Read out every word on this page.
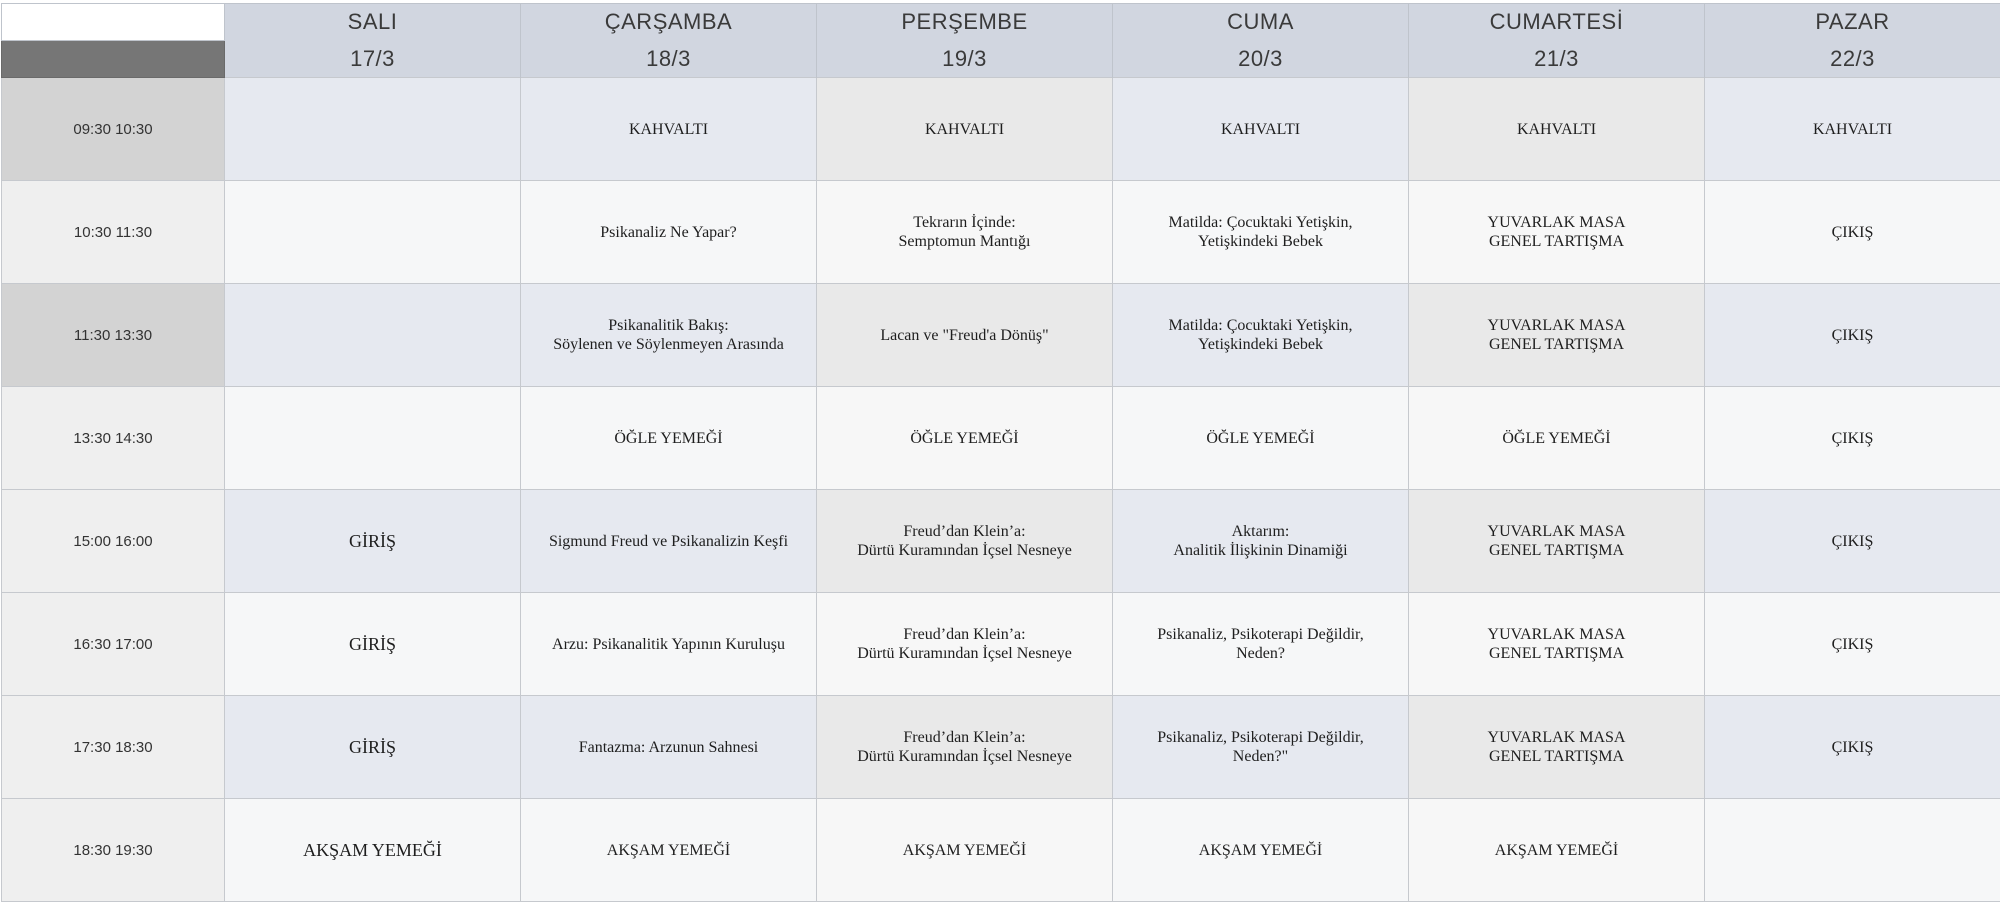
	SALI	ÇARŞAMBA	PERŞEMBE	CUMA	CUMARTESİ	PAZAR
	17/3	18/3	19/3	20/3	21/3	22/3
09:30 10:30		KAHVALTI	KAHVALTI	KAHVALTI	KAHVALTI	KAHVALTI
10:30 11:30		Psikanaliz Ne Yapar?	Tekrarın İçinde:
Semptomun Mantığı	Matilda: Çocuktaki Yetişkin,
Yetişkindeki Bebek	YUVARLAK MASA
GENEL TARTIŞMA	ÇIKIŞ
11:30 13:30		Psikanalitik Bakış:
Söylenen ve Söylenmeyen Arasında	Lacan ve "Freud'a Dönüş"	Matilda: Çocuktaki Yetişkin,
Yetişkindeki Bebek	YUVARLAK MASA
GENEL TARTIŞMA	ÇIKIŞ
13:30 14:30		ÖĞLE YEMEĞİ	ÖĞLE YEMEĞİ	ÖĞLE YEMEĞİ	ÖĞLE YEMEĞİ	ÇIKIŞ
15:00 16:00	GİRİŞ	Sigmund Freud ve Psikanalizin Keşfi	Freud’dan Klein’a:
Dürtü Kuramından İçsel Nesneye	Aktarım:
Analitik İlişkinin Dinamiği	YUVARLAK MASA
GENEL TARTIŞMA	ÇIKIŞ
16:30 17:00	GİRİŞ	Arzu: Psikanalitik Yapının Kuruluşu	Freud’dan Klein’a:
Dürtü Kuramından İçsel Nesneye	Psikanaliz, Psikoterapi Değildir,
Neden?	YUVARLAK MASA
GENEL TARTIŞMA	ÇIKIŞ
17:30 18:30	GİRİŞ	Fantazma: Arzunun Sahnesi	Freud’dan Klein’a:
Dürtü Kuramından İçsel Nesneye	Psikanaliz, Psikoterapi Değildir,
Neden?"	YUVARLAK MASA
GENEL TARTIŞMA	ÇIKIŞ
18:30 19:30	AKŞAM YEMEĞİ	AKŞAM YEMEĞİ	AKŞAM YEMEĞİ	AKŞAM YEMEĞİ	AKŞAM YEMEĞİ	
